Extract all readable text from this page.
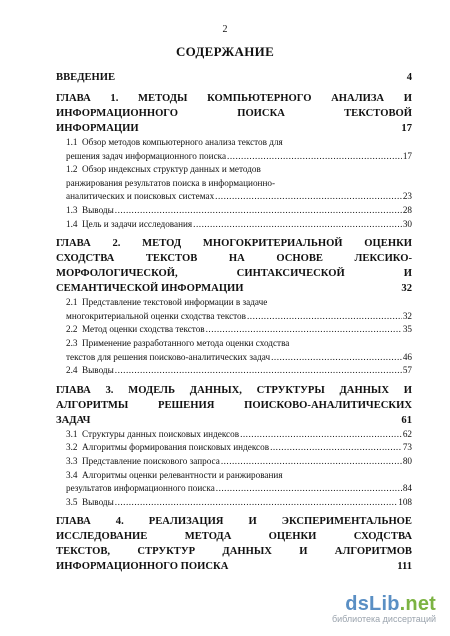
2
СОДЕРЖАНИЕ
ВВЕДЕНИЕ	4
ГЛАВА 1. МЕТОДЫ КОМПЬЮТЕРНОГО АНАЛИЗА И
ИНФОРМАЦИОННОГО ПОИСКА ТЕКСТОВОЙ
ИНФОРМАЦИИ	17
1.1 Обзор методов компьютерного анализа текстов для
решения задач информационного поиска .....	17
1.2 Обзор индексных структур данных и методов
ранжирования результатов поиска в информационно-
аналитических и поисковых системах .....	23
1.3 Выводы .....	28
1.4 Цель и задачи исследования .....	30
ГЛАВА 2. МЕТОД МНОГОКРИТЕРИАЛЬНОЙ ОЦЕНКИ
СХОДСТВА ТЕКСТОВ НА ОСНОВЕ ЛЕКСИКО-
МОРФОЛОГИЧЕСКОЙ, СИНТАКСИЧЕСКОЙ И
СЕМАНТИЧЕСКОЙ ИНФОРМАЦИИ	32
2.1 Представление текстовой информации в задаче
многокритериальной оценки сходства текстов .....	32
2.2 Метод оценки сходства текстов .....	35
2.3 Применение разработанного метода оценки сходства
текстов для решения поисково-аналитических задач .....	46
2.4 Выводы .....	57
ГЛАВА 3. МОДЕЛЬ ДАННЫХ, СТРУКТУРЫ ДАННЫХ И
АЛГОРИТМЫ РЕШЕНИЯ ПОИСКОВО-АНАЛИТИЧЕСКИХ
ЗАДАЧ	61
3.1 Структуры данных поисковых индексов .....	62
3.2 Алгоритмы формирования поисковых индексов .....	73
3.3 Представление поискового запроса .....	80
3.4 Алгоритмы оценки релевантности и ранжирования
результатов информационного поиска .....	84
3.5 Выводы .....	108
ГЛАВА 4. РЕАЛИЗАЦИЯ И ЭКСПЕРИМЕНТАЛЬНОЕ
ИССЛЕДОВАНИЕ МЕТОДА ОЦЕНКИ СХОДСТВА
ТЕКСТОВ, СТРУКТУР ДАННЫХ И АЛГОРИТМОВ
ИНФОРМАЦИОННОГО ПОИСКА	111
dsLib.net
библиотека диссертаций
